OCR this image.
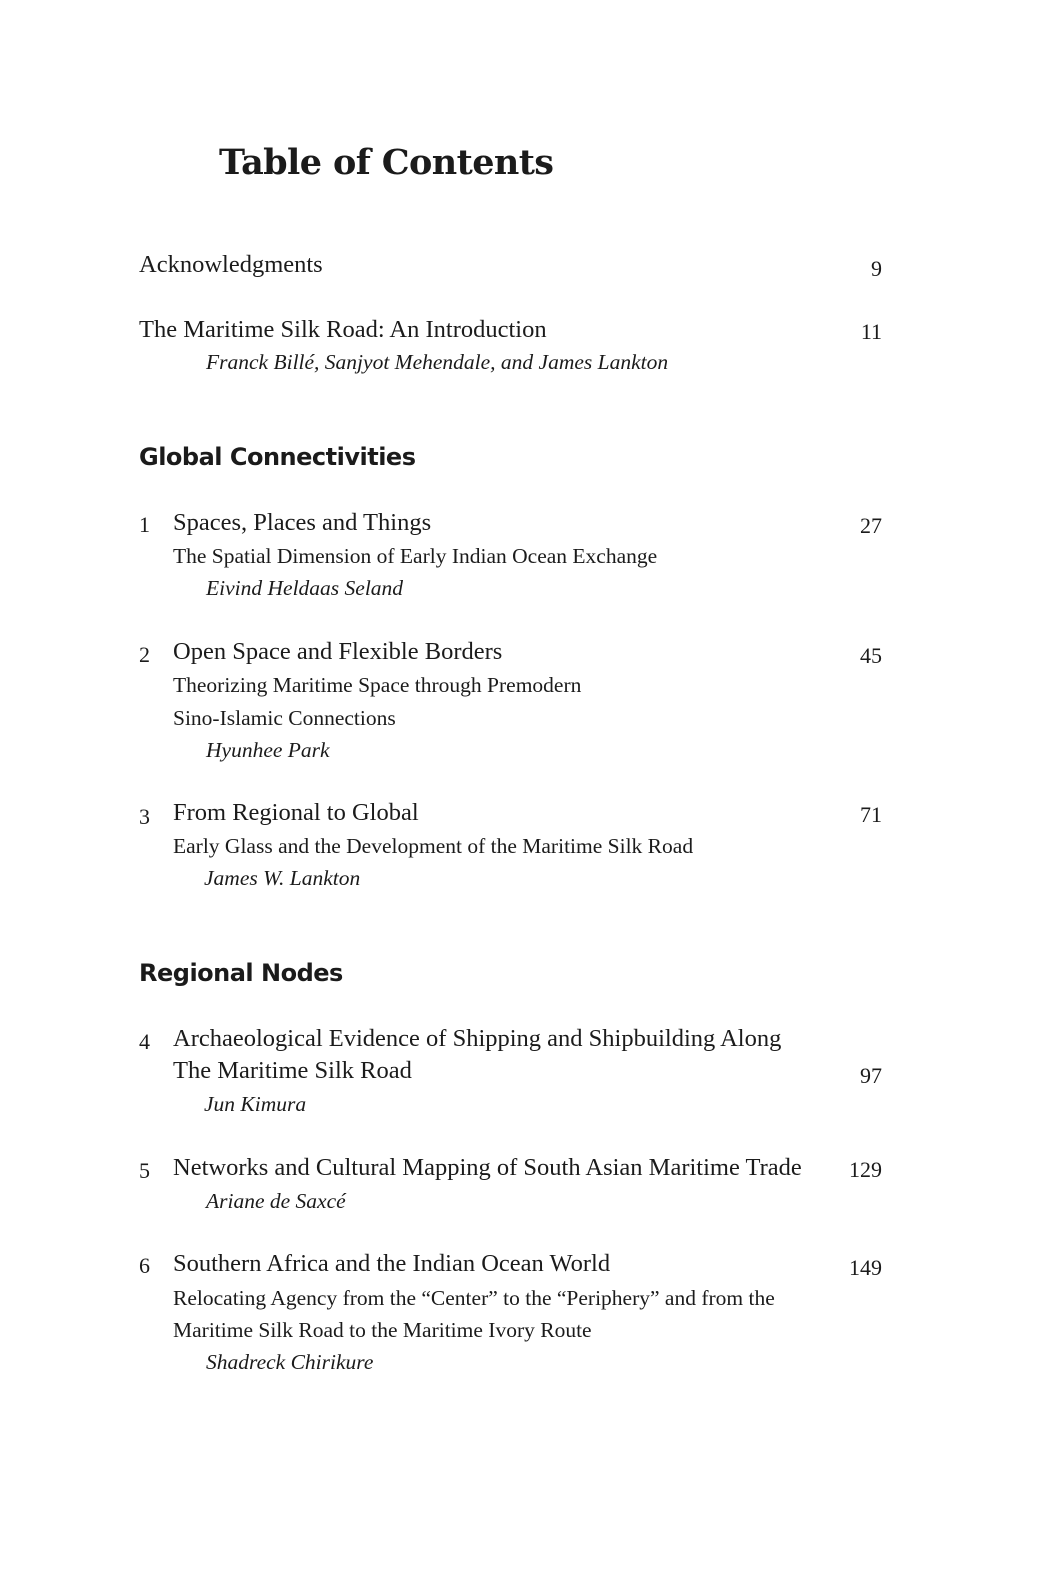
Table of Contents
Acknowledgments	9
The Maritime Silk Road: An Introduction	11
Franck Billé, Sanjyot Mehendale, and James Lankton
Global Connectivities
1 Spaces, Places and Things	27
The Spatial Dimension of Early Indian Ocean Exchange
Eivind Heldaas Seland
2 Open Space and Flexible Borders	45
Theorizing Maritime Space through Premodern
Sino-Islamic Connections
Hyunhee Park
3 From Regional to Global	71
Early Glass and the Development of the Maritime Silk Road
James W. Lankton
Regional Nodes
4 Archaeological Evidence of Shipping and Shipbuilding Along
The Maritime Silk Road	97
Jun Kimura
5 Networks and Cultural Mapping of South Asian Maritime Trade 129
Ariane de Saxcé
6 Southern Africa and the Indian Ocean World	149
Relocating Agency from the “Center” to the “Periphery” and from the
Maritime Silk Road to the Maritime Ivory Route
Shadreck Chirikure
